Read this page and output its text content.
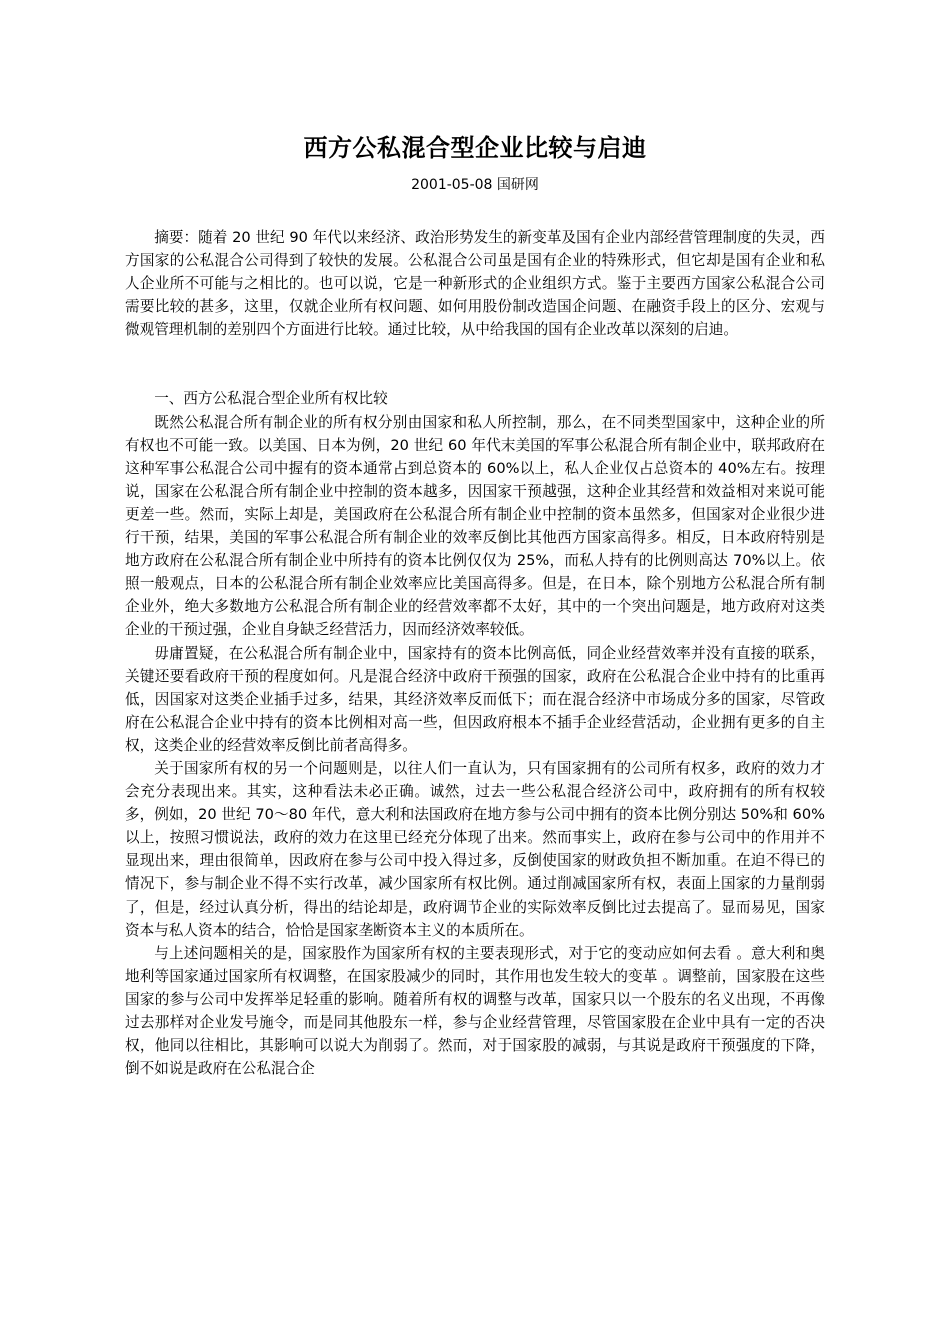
西方公私混合型企业比较与启迪
2001-05-08 国研网

摘要：随着 20 世纪 90 年代以来经济、政治形势发生的新变革及国有企业内部经营管理制度的失灵，西方国家的公私混合公司得到了较快的发展。公私混合公司虽是国有企业的特殊形式，但它却是国有企业和私人企业所不可能与之相比的。也可以说，它是一种新形式的企业组织方式。鉴于主要西方国家公私混合公司需要比较的甚多，这里，仅就企业所有权问题、如何用股份制改造国企问题、在融资手段上的区分、宏观与微观管理机制的差别四个方面进行比较。通过比较，从中给我国的国有企业改革以深刻的启迪。

一、西方公私混合型企业所有权比较

既然公私混合所有制企业的所有权分别由国家和私人所控制，那么，在不同类型国家中，这种企业的所有权也不可能一致。以美国、日本为例，20 世纪 60 年代末美国的军事公私混合所有制企业中，联邦政府在这种军事公私混合公司中握有的资本通常占到总资本的 60%以上，私人企业仅占总资本的 40%左右。按理说，国家在公私混合所有制企业中控制的资本越多，因国家干预越强，这种企业其经营和效益相对来说可能更差一些。然而，实际上却是，美国政府在公私混合所有制企业中控制的资本虽然多，但国家对企业很少进行干预，结果，美国的军事公私混合所有制企业的效率反倒比其他西方国家高得多。相反，日本政府特别是地方政府在公私混合所有制企业中所持有的资本比例仅仅为 25%，而私人持有的比例则高达 70%以上。依照一般观点，日本的公私混合所有制企业效率应比美国高得多。但是，在日本，除个别地方公私混合所有制企业外，绝大多数地方公私混合所有制企业的经营效率都不太好，其中的一个突出问题是，地方政府对这类企业的干预过强，企业自身缺乏经营活力，因而经济效率较低。

毋庸置疑，在公私混合所有制企业中，国家持有的资本比例高低，同企业经营效率并没有直接的联系，关键还要看政府干预的程度如何。凡是混合经济中政府干预强的国家，政府在公私混合企业中持有的比重再低，因国家对这类企业插手过多，结果，其经济效率反而低下；而在混合经济中市场成分多的国家，尽管政府在公私混合企业中持有的资本比例相对高一些，但因政府根本不插手企业经营活动，企业拥有更多的自主权，这类企业的经营效率反倒比前者高得多。

关于国家所有权的另一个问题则是，以往人们一直认为，只有国家拥有的公司所有权多，政府的效力才会充分表现出来。其实，这种看法未必正确。诚然，过去一些公私混合经济公司中，政府拥有的所有权较多，例如，20 世纪 70～80 年代，意大利和法国政府在地方参与公司中拥有的资本比例分别达 50%和 60%以上，按照习惯说法，政府的效力在这里已经充分体现了出来。然而事实上，政府在参与公司中的作用并不显现出来，理由很简单，因政府在参与公司中投入得过多，反倒使国家的财政负担不断加重。在迫不得已的情况下，参与制企业不得不实行改革，减少国家所有权比例。通过削减国家所有权，表面上国家的力量削弱了，但是，经过认真分析，得出的结论却是，政府调节企业的实际效率反倒比过去提高了。显而易见，国家资本与私人资本的结合，恰恰是国家垄断资本主义的本质所在。

与上述问题相关的是，国家股作为国家所有权的主要表现形式，对于它的变动应如何去看 。意大利和奥地利等国家通过国家所有权调整，在国家股减少的同时，其作用也发生较大的变革 。调整前，国家股在这些国家的参与公司中发挥举足轻重的影响。随着所有权的调整与改革，国家只以一个股东的名义出现，不再像过去那样对企业发号施令，而是同其他股东一样，参与企业经营管理，尽管国家股在企业中具有一定的否决权，他同以往相比，其影响可以说大为削弱了。然而，对于国家股的减弱，与其说是政府干预强度的下降，倒不如说是政府在公私混合企
